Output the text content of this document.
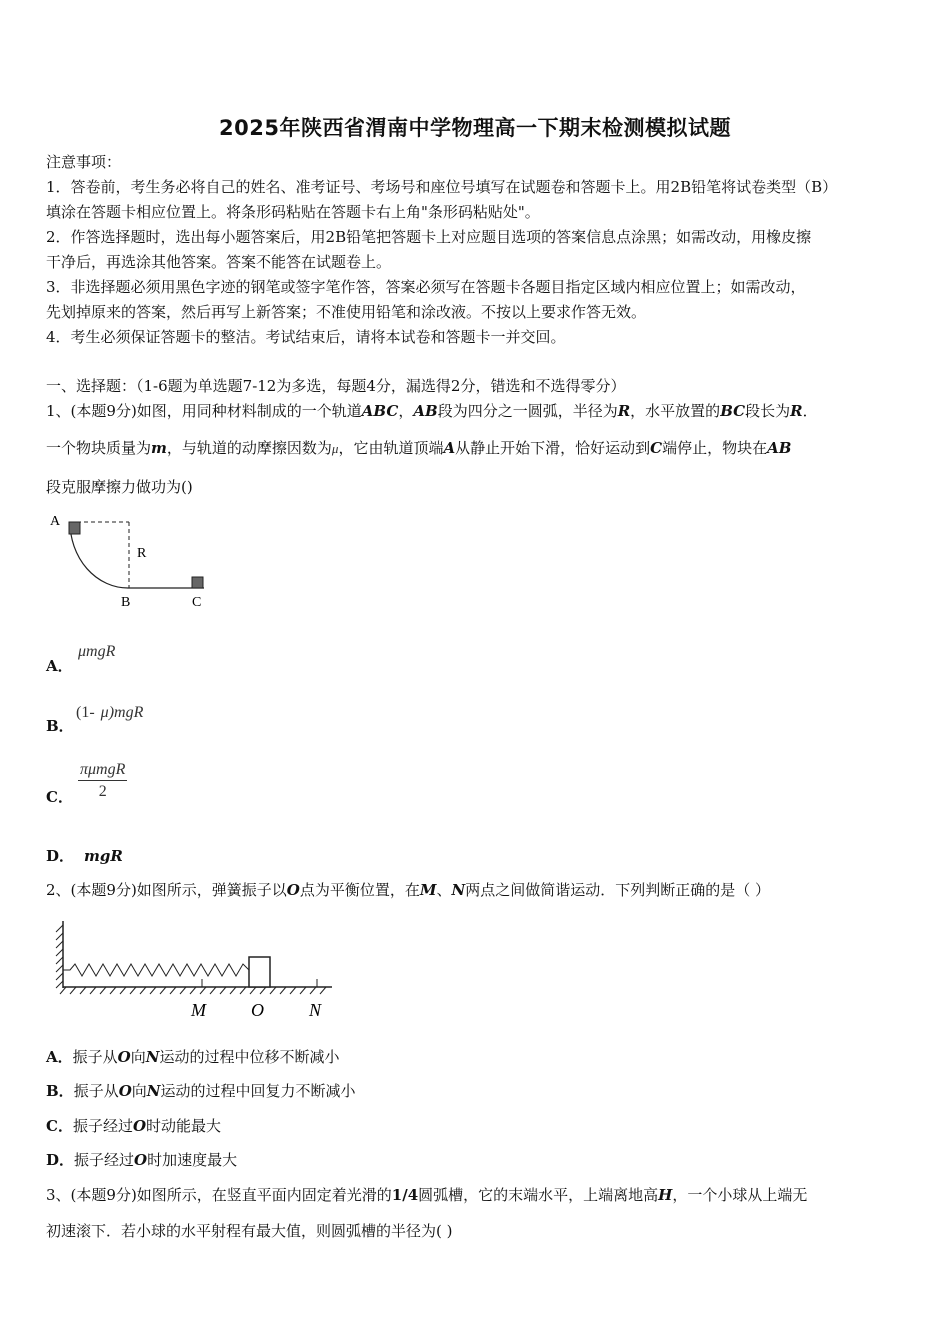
2025年陕西省渭南中学物理高一下期末检测模拟试题
注意事项：
1．答卷前，考生务必将自己的姓名、准考证号、考场号和座位号填写在试题卷和答题卡上。用2B铅笔将试卷类型（B）
填涂在答题卡相应位置上。将条形码粘贴在答题卡右上角"条形码粘贴处"。
2．作答选择题时，选出每小题答案后，用2B铅笔把答题卡上对应题目选项的答案信息点涂黑；如需改动，用橡皮擦
干净后，再选涂其他答案。答案不能答在试题卷上。
3．非选择题必须用黑色字迹的钢笔或签字笔作答，答案必须写在答题卡各题目指定区域内相应位置上；如需改动，
先划掉原来的答案，然后再写上新答案；不准使用铅笔和涂改液。不按以上要求作答无效。
4．考生必须保证答题卡的整洁。考试结束后，请将本试卷和答题卡一并交回。
一、选择题：（1-6题为单选题7-12为多选，每题4分，漏选得2分，错选和不选得零分）
1、(本题9分)如图，用同种材料制成的一个轨道ABC，AB段为四分之一圆弧，半径为R，水平放置的BC段长为R．
一个物块质量为m，与轨道的动摩擦因数为μ，它由轨道顶端A从静止开始下滑，恰好运动到C端停止，物块在AB
段克服摩擦力做功为()
A
R
B	C
A．
μmgR
B．
(1- μ)mgR
C． $\frac{\text{πμmgR}}{2}$
D． mgR
2、(本题9分)如图所示，弹簧振子以O点为平衡位置，在M、N两点之间做简谐运动．下列判断正确的是（ ）
M	O	N
A．振子从O向N运动的过程中位移不断减小
B．振子从O向N运动的过程中回复力不断减小
C．振子经过O时动能最大
D．振子经过O时加速度最大
3、(本题9分)如图所示，在竖直平面内固定着光滑的1/4圆弧槽，它的末端水平，上端离地高H，一个小球从上端无
初速滚下．若小球的水平射程有最大值，则圆弧槽的半径为( )
